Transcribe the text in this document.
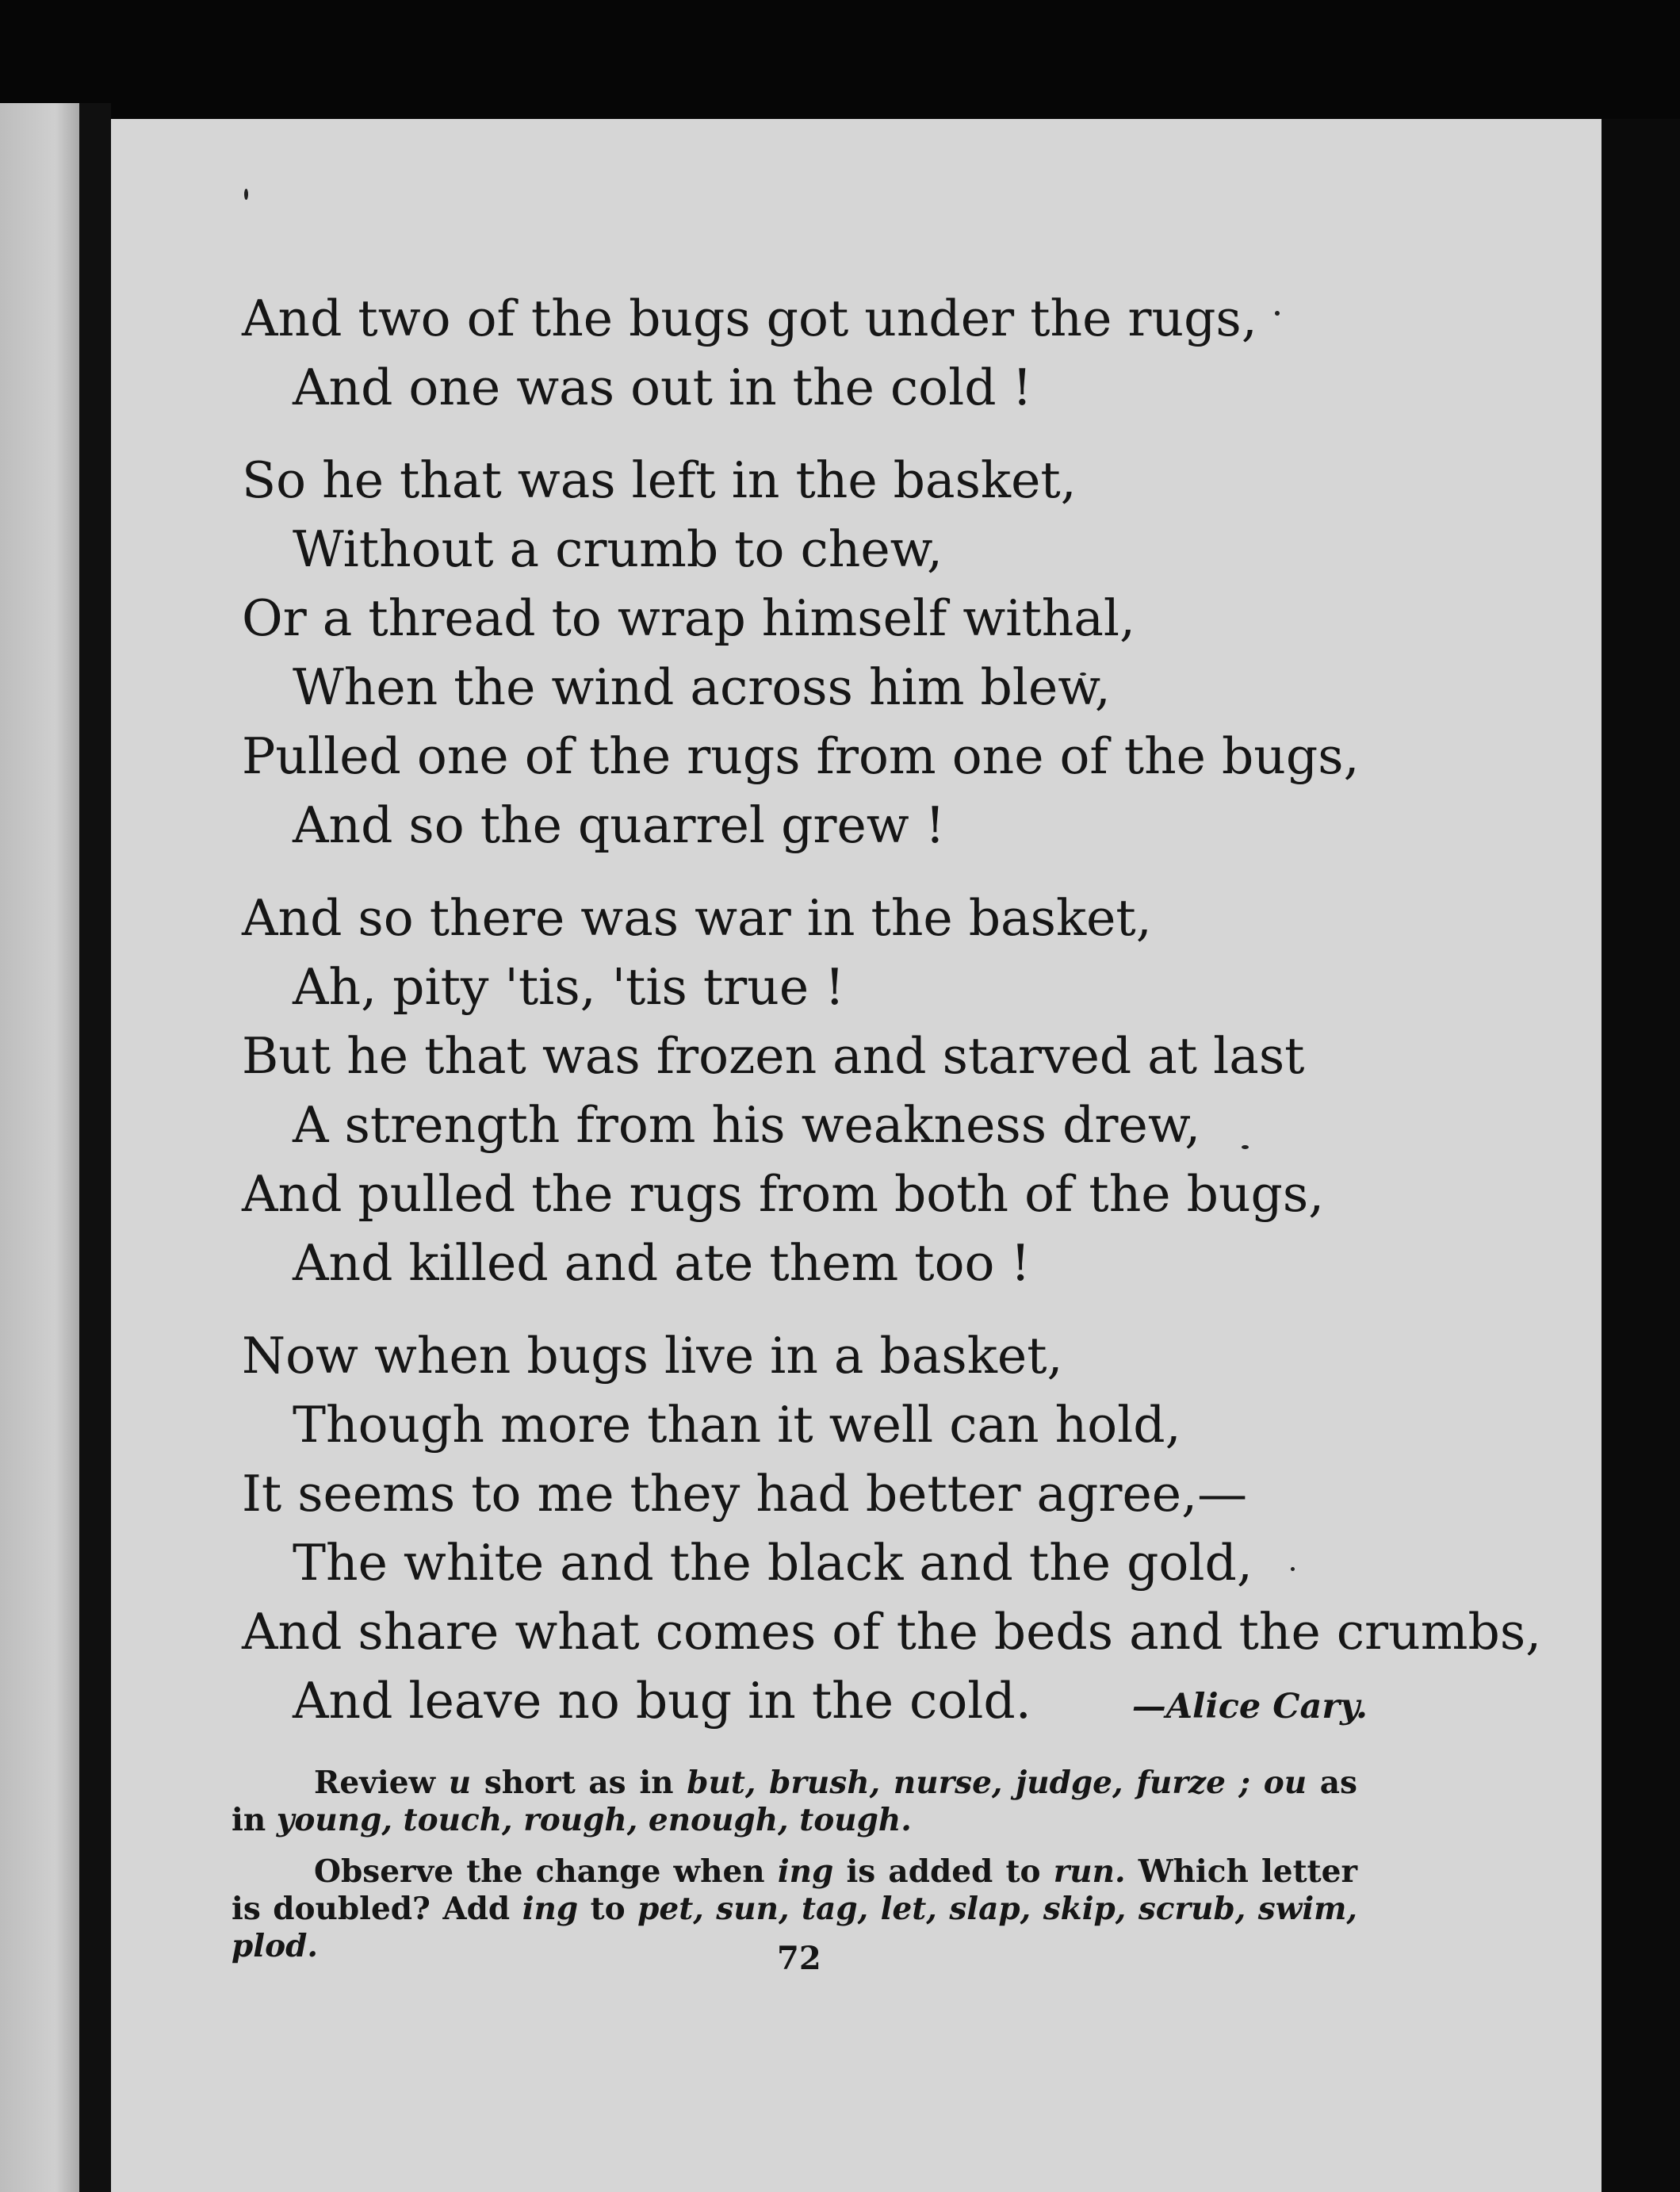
And two of the bugs got under the rugs,
And one was out in the cold !
So he that was left in the basket,
Without a crumb to chew,
Or a thread to wrap himself withal,
When the wind across him blew,
Pulled one of the rugs from one of the bugs,
And so the quarrel grew !
And so there was war in the basket,
Ah, pity 'tis, 'tis true !
But he that was frozen and starved at last
A strength from his weakness drew,
And pulled the rugs from both of the bugs,
And killed and ate them too !
Now when bugs live in a basket,
Though more than it well can hold,
It seems to me they had better agree,—
The white and the black and the gold,
And share what comes of the beds and the crumbs,
And leave no bug in the cold.	—Alice Cary.

Review u short as in but, brush, nurse, judge, furze ; ou as in young, touch, rough, enough, tough.

Observe the change when ing is added to run. Which letter is doubled? Add ing to pet, sun, tag, let, slap, skip, scrub, swim, plod.	72
